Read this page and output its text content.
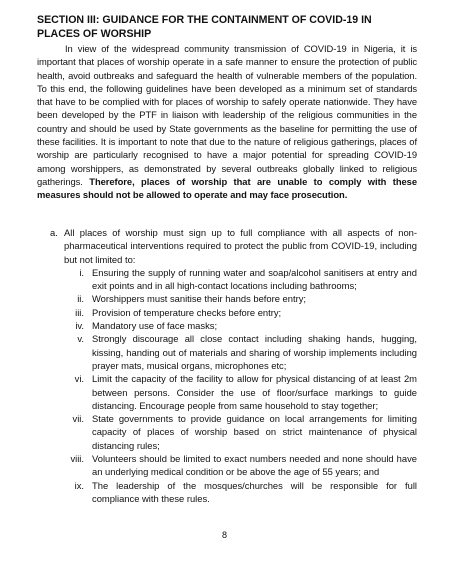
SECTION III: GUIDANCE FOR THE CONTAINMENT OF COVID-19 IN PLACES OF WORSHIP

In view of the widespread community transmission of COVID-19 in Nigeria, it is important that places of worship operate in a safe manner to ensure the protection of public health, avoid outbreaks and safeguard the health of vulnerable members of the population. To this end, the following guidelines have been developed as a minimum set of standards that have to be complied with for places of worship to safely operate nationwide. They have been developed by the PTF in liaison with leadership of the religious communities in the country and should be used by State governments as the baseline for permitting the use of these facilities. It is important to note that due to the nature of religious gatherings, places of worship are particularly recognised to have a major potential for spreading COVID-19 among worshippers, as demonstrated by several outbreaks globally linked to religious gatherings. Therefore, places of worship that are unable to comply with these measures should not be allowed to operate and may face prosecution.

a. All places of worship must sign up to full compliance with all aspects of non-pharmaceutical interventions required to protect the public from COVID-19, including but not limited to:
i. Ensuring the supply of running water and soap/alcohol sanitisers at entry and exit points and in all high-contact locations including bathrooms;
ii. Worshippers must sanitise their hands before entry;
iii. Provision of temperature checks before entry;
iv. Mandatory use of face masks;
v. Strongly discourage all close contact including shaking hands, hugging, kissing, handing out of materials and sharing of worship implements including prayer mats, musical organs, microphones etc;
vi. Limit the capacity of the facility to allow for physical distancing of at least 2m between persons. Consider the use of floor/surface markings to guide distancing. Encourage people from same household to stay together;
vii. State governments to provide guidance on local arrangements for limiting capacity of places of worship based on strict maintenance of physical distancing rules;
viii. Volunteers should be limited to exact numbers needed and none should have an underlying medical condition or be above the age of 55 years; and
ix. The leadership of the mosques/churches will be responsible for full compliance with these rules.
8
